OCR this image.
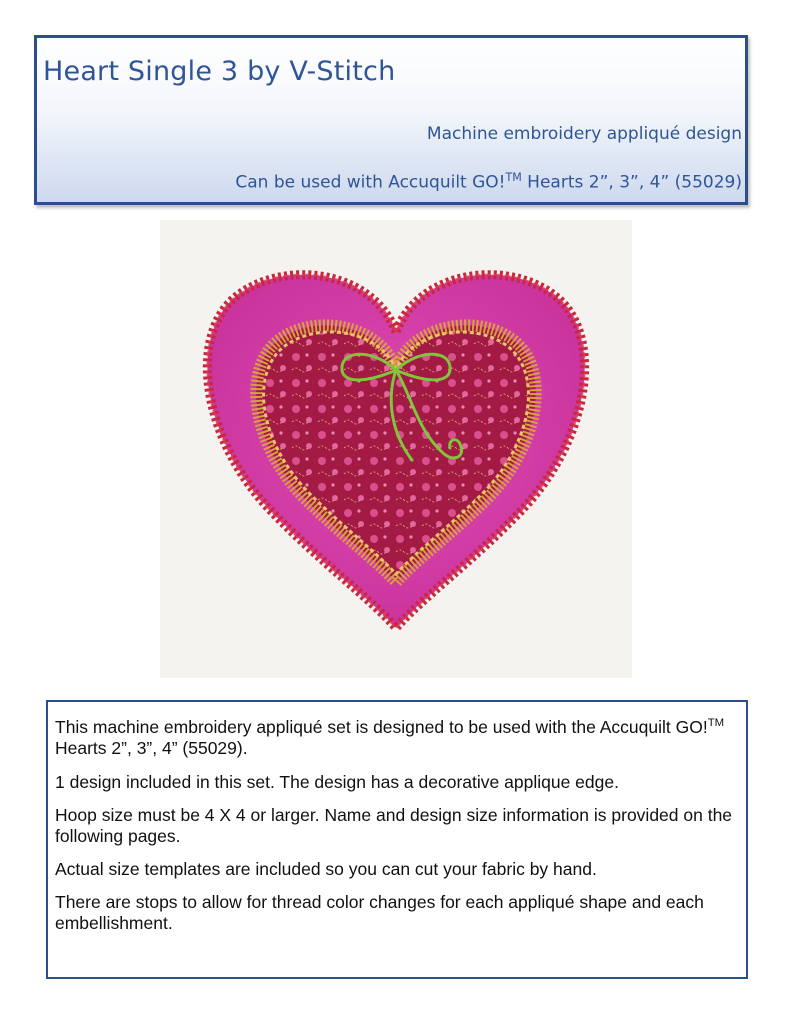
Heart Single 3 by V-Stitch

Machine embroidery appliqué design

Can be used with Accuquilt GO!™ Hearts 2”, 3”, 4” (55029)

This machine embroidery appliqué set is designed to be used with the Accuquilt GO!™ Hearts 2”, 3”, 4” (55029).

1 design included in this set. The design has a decorative applique edge.

Hoop size must be 4 X 4 or larger. Name and design size information is provided on the following pages.

Actual size templates are included so you can cut your fabric by hand.

There are stops to allow for thread color changes for each appliqué shape and each embellishment.
